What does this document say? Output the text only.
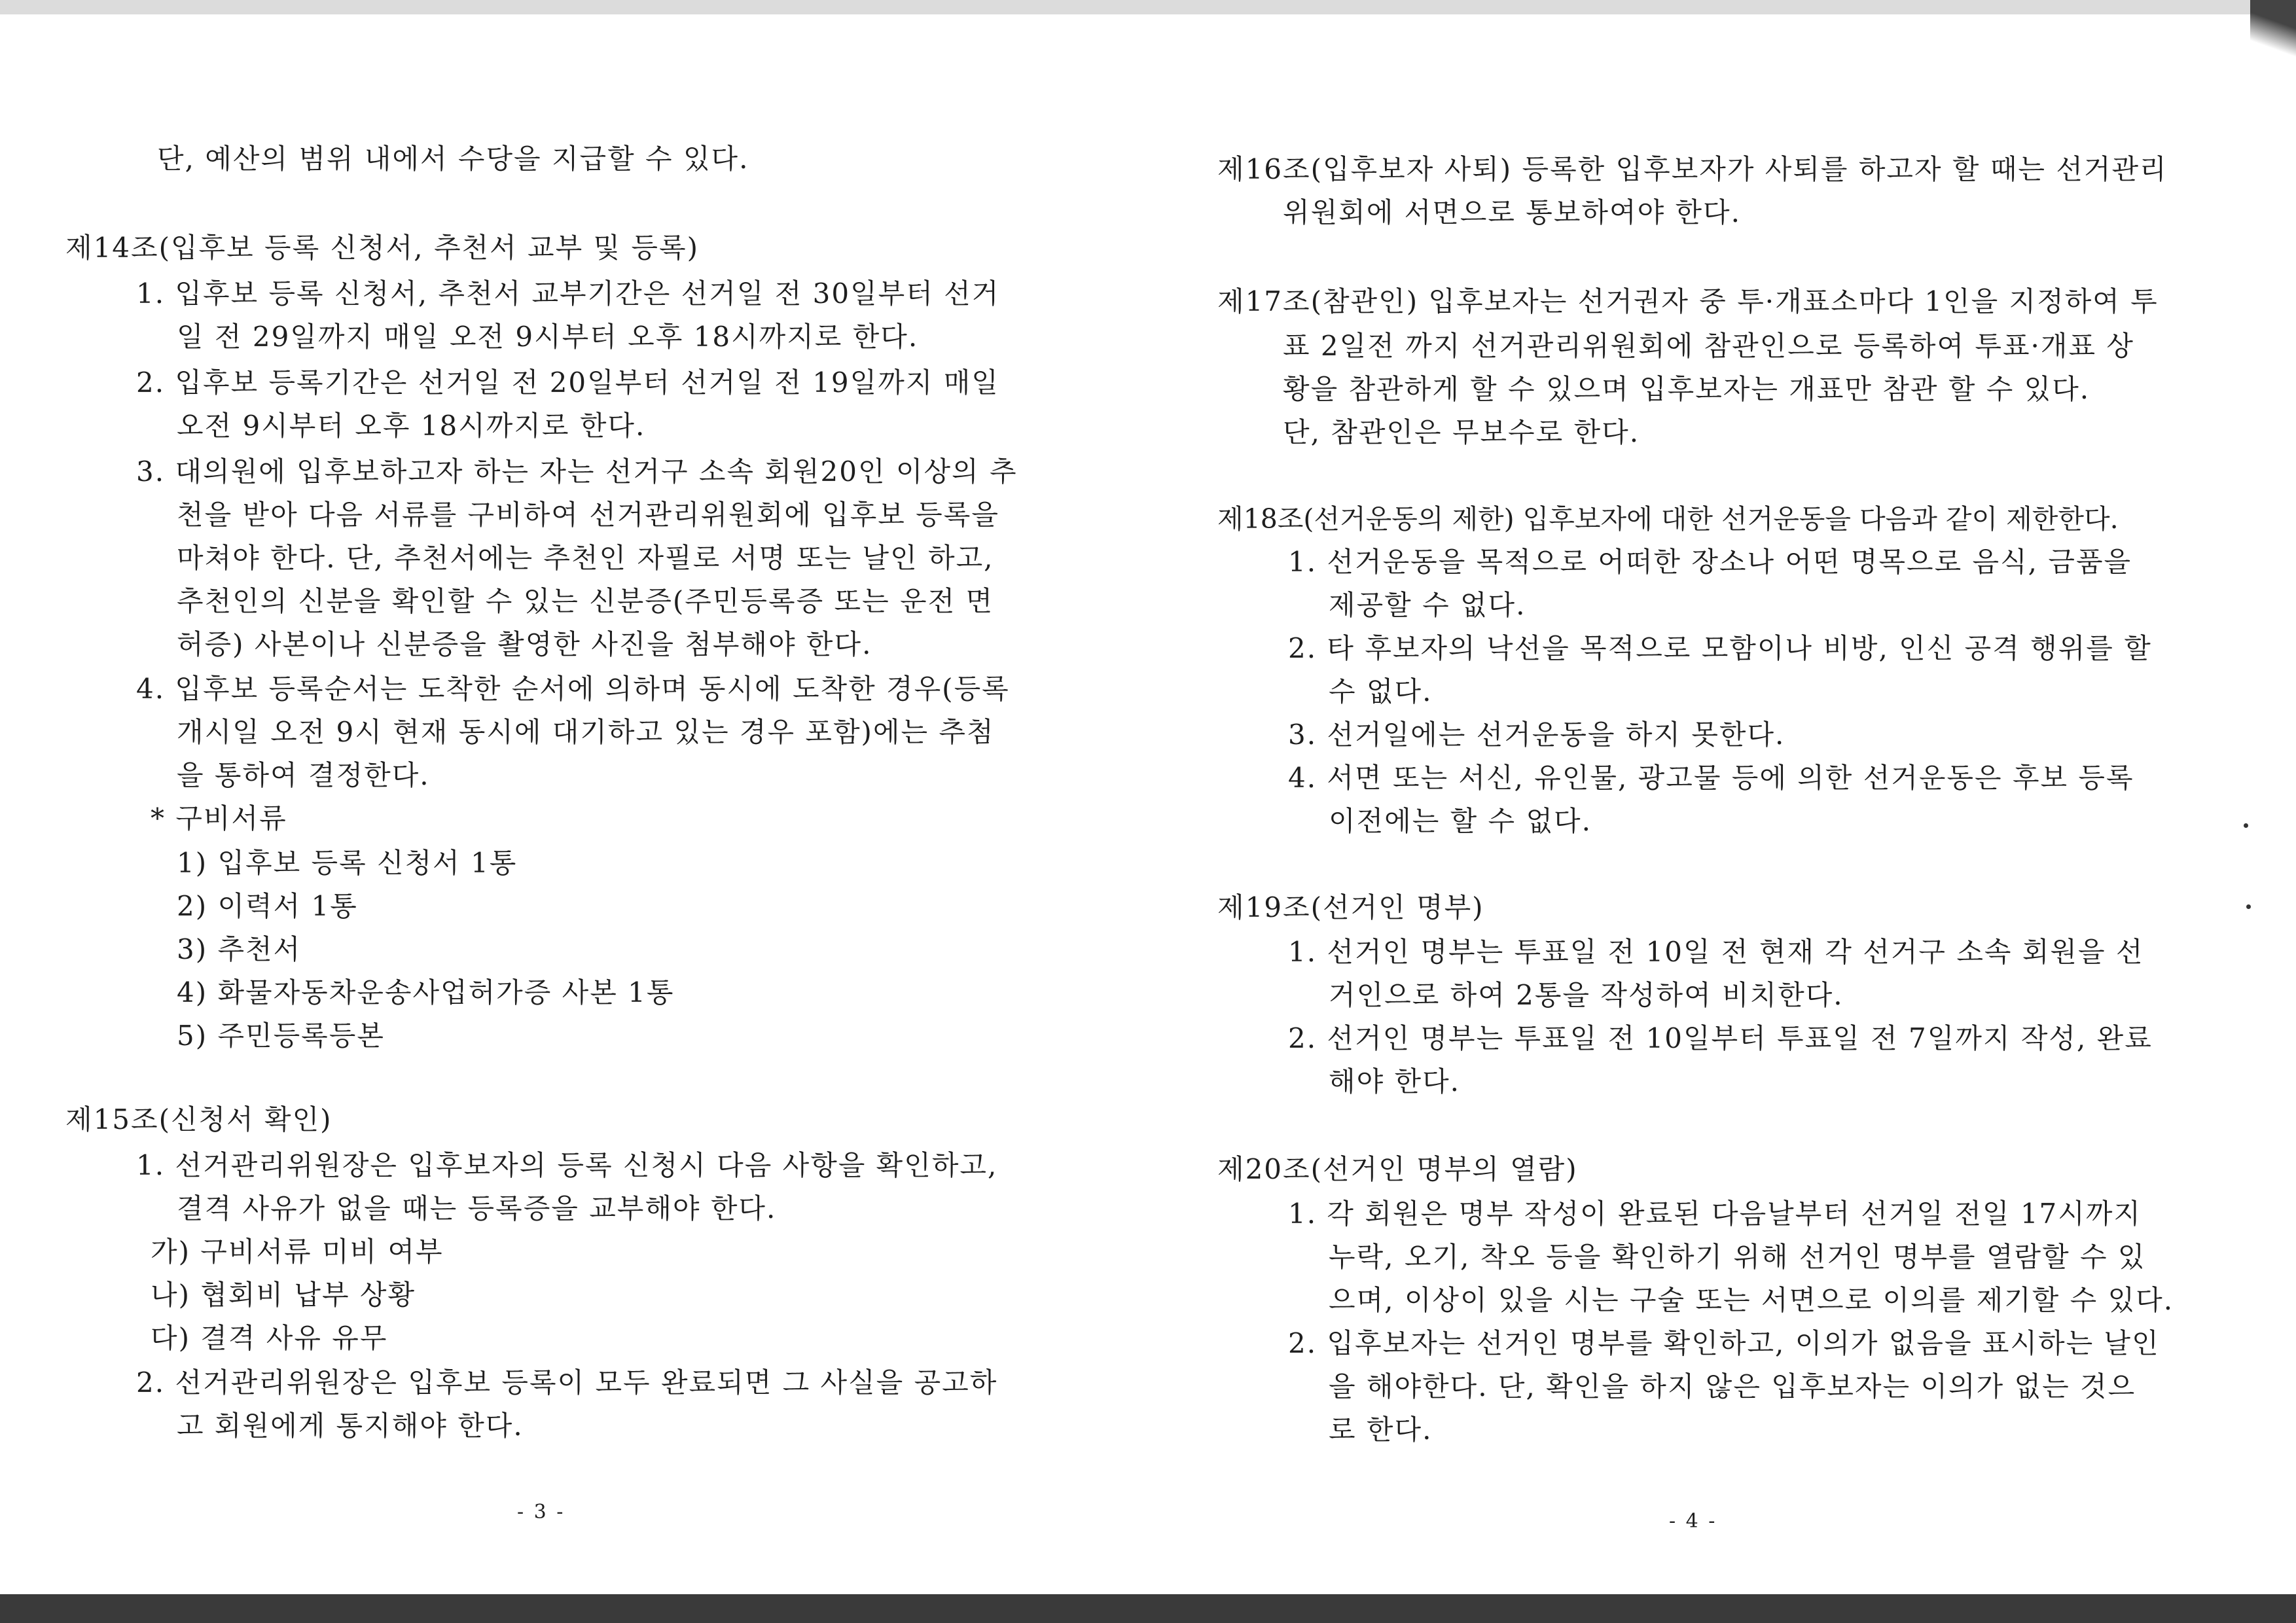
단, 예산의 범위 내에서 수당을 지급할 수 있다.
제14조(입후보 등록 신청서, 추천서 교부 및 등록)
1. 입후보 등록 신청서, 추천서 교부기간은 선거일 전 30일부터 선거
일 전 29일까지 매일 오전 9시부터 오후 18시까지로 한다.
2. 입후보 등록기간은 선거일 전 20일부터 선거일 전 19일까지 매일
오전 9시부터 오후 18시까지로 한다.
3. 대의원에 입후보하고자 하는 자는 선거구 소속 회원20인 이상의 추
천을 받아 다음 서류를 구비하여 선거관리위원회에 입후보 등록을
마쳐야 한다. 단, 추천서에는 추천인 자필로 서명 또는 날인 하고,
추천인의 신분을 확인할 수 있는 신분증(주민등록증 또는 운전 면
허증) 사본이나 신분증을 촬영한 사진을 첨부해야 한다.
4. 입후보 등록순서는 도착한 순서에 의하며 동시에 도착한 경우(등록
개시일 오전 9시 현재 동시에 대기하고 있는 경우 포함)에는 추첨
을 통하여 결정한다.
* 구비서류
1) 입후보 등록 신청서 1통
2) 이력서 1통
3) 추천서
4) 화물자동차운송사업허가증 사본 1통
5) 주민등록등본
제15조(신청서 확인)
1. 선거관리위원장은 입후보자의 등록 신청시 다음 사항을 확인하고,
결격 사유가 없을 때는 등록증을 교부해야 한다.
가) 구비서류 미비 여부
나) 협회비 납부 상황
다) 결격 사유 유무
2. 선거관리위원장은 입후보 등록이 모두 완료되면 그 사실을 공고하
고 회원에게 통지해야 한다.
- 3 -
제16조(입후보자 사퇴) 등록한 입후보자가 사퇴를 하고자 할 때는 선거관리
위원회에 서면으로 통보하여야 한다.
제17조(참관인) 입후보자는 선거권자 중 투·개표소마다 1인을 지정하여 투
표 2일전 까지 선거관리위원회에 참관인으로 등록하여 투표·개표 상
황을 참관하게 할 수 있으며 입후보자는 개표만 참관 할 수 있다.
단, 참관인은 무보수로 한다.
제18조(선거운동의 제한) 입후보자에 대한 선거운동을 다음과 같이 제한한다.
1. 선거운동을 목적으로 어떠한 장소나 어떤 명목으로 음식, 금품을
제공할 수 없다.
2. 타 후보자의 낙선을 목적으로 모함이나 비방, 인신 공격 행위를 할
수 없다.
3. 선거일에는 선거운동을 하지 못한다.
4. 서면 또는 서신, 유인물, 광고물 등에 의한 선거운동은 후보 등록
이전에는 할 수 없다.
제19조(선거인 명부)
1. 선거인 명부는 투표일 전 10일 전 현재 각 선거구 소속 회원을 선
거인으로 하여 2통을 작성하여 비치한다.
2. 선거인 명부는 투표일 전 10일부터 투표일 전 7일까지 작성, 완료
해야 한다.
제20조(선거인 명부의 열람)
1. 각 회원은 명부 작성이 완료된 다음날부터 선거일 전일 17시까지
누락, 오기, 착오 등을 확인하기 위해 선거인 명부를 열람할 수 있
으며, 이상이 있을 시는 구술 또는 서면으로 이의를 제기할 수 있다.
2. 입후보자는 선거인 명부를 확인하고, 이의가 없음을 표시하는 날인
을 해야한다. 단, 확인을 하지 않은 입후보자는 이의가 없는 것으
로 한다.
- 4 -
